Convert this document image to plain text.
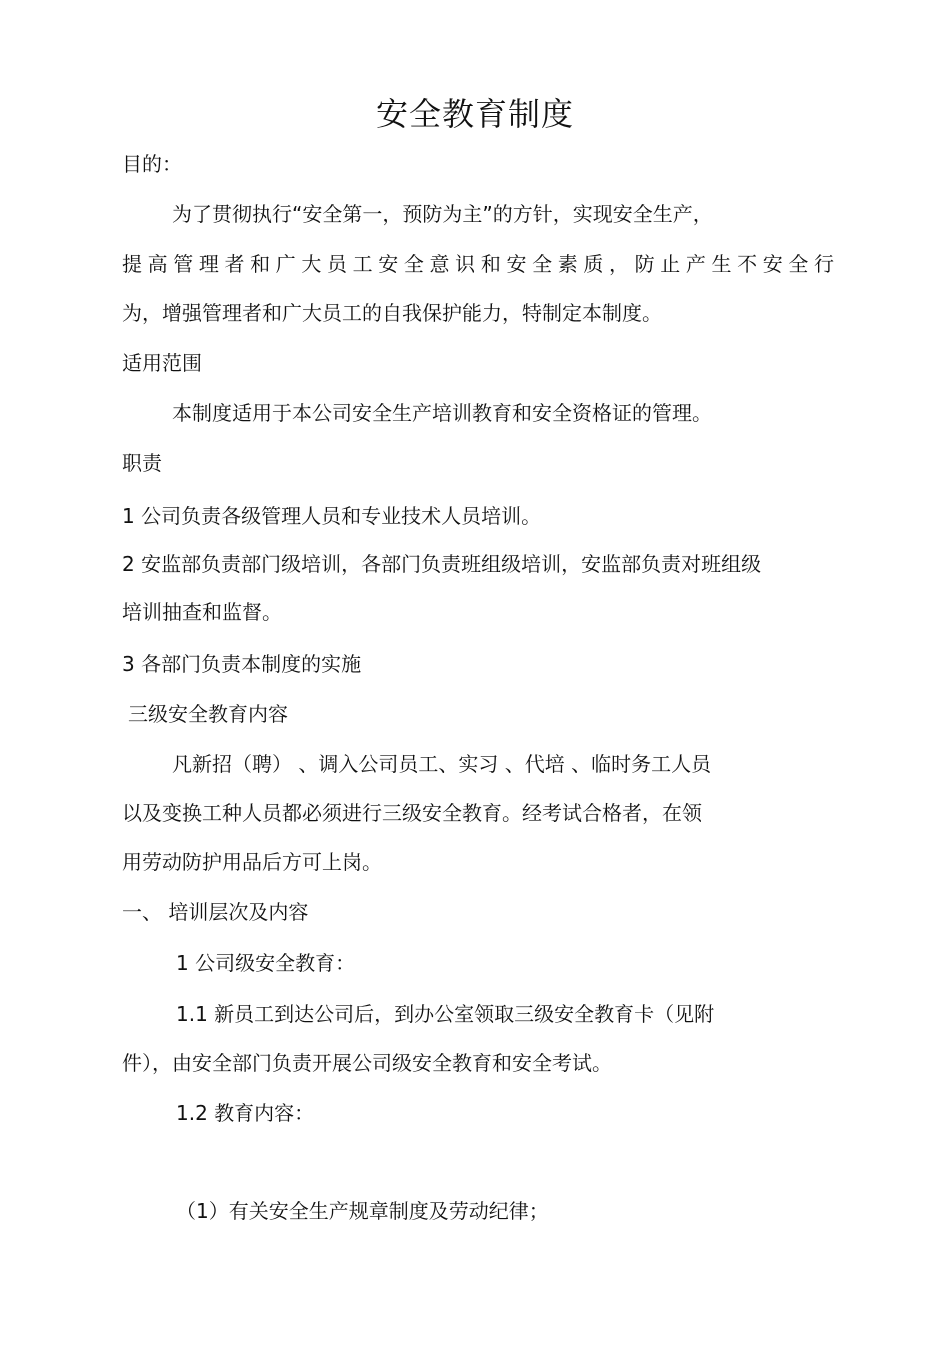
安全教育制度
目的：
为了贯彻执行“安全第一，预防为主”的方针，实现安全生产，
提高管理者和广大员工安全意识和安全素质，防止产生不安全行
为，增强管理者和广大员工的自我保护能力，特制定本制度。
适用范围
本制度适用于本公司安全生产培训教育和安全资格证的管理。
职责
1 公司负责各级管理人员和专业技术人员培训。
2 安监部负责部门级培训，各部门负责班组级培训，安监部负责对班组级
培训抽查和监督。
3 各部门负责本制度的实施
三级安全教育内容
凡新招（聘） 、调入公司员工、实习 、代培 、临时务工人员
以及变换工种人员都必须进行三级安全教育。经考试合格者，在领
用劳动防护用品后方可上岗。
一、 培训层次及内容
1 公司级安全教育：
1.1 新员工到达公司后，到办公室领取三级安全教育卡（见附
件），由安全部门负责开展公司级安全教育和安全考试。
1.2 教育内容：
（1）有关安全生产规章制度及劳动纪律；
